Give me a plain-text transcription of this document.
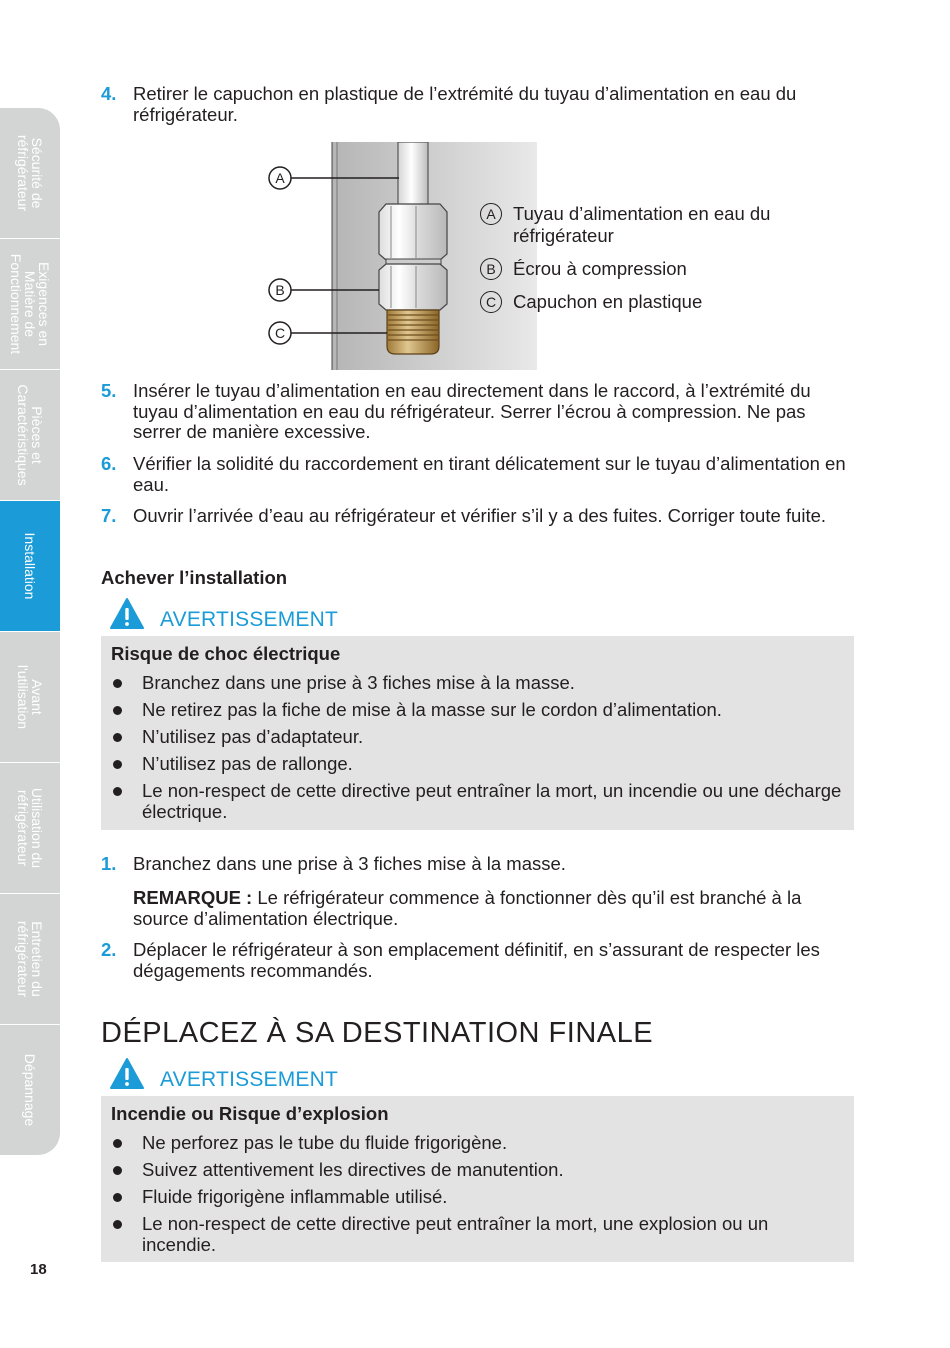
Sécurité de
réfrigérateur
Exigences en
Matière de
Fonctionnement
Pièces et
Caractéristiques
Installation
Avant
l'utilisation
Utilisation du
réfrigérateur
Entretien du
réfrigérateur
Dépannage
18
4. Retirer le capuchon en plastique de l’extrémité du tuyau d’alimentation en eau du réfrigérateur.
A
B
C
A Tuyau d’alimentation en eau du réfrigérateur
B Écrou à compression
C Capuchon en plastique
5. Insérer le tuyau d’alimentation en eau directement dans le raccord, à l’extrémité du tuyau d’alimentation en eau du réfrigérateur. Serrer l’écrou à compression. Ne pas serrer de manière excessive.
6. Vérifier la solidité du raccordement en tirant délicatement sur le tuyau d’alimentation en eau.
7. Ouvrir l’arrivée d’eau au réfrigérateur et vérifier s’il y a des fuites. Corriger toute fuite.
Achever l’installation
AVERTISSEMENT
Risque de choc électrique
Branchez dans une prise à 3 fiches mise à la masse.
Ne retirez pas la fiche de mise à la masse sur le cordon d’alimentation.
N’utilisez pas d’adaptateur.
N’utilisez pas de rallonge.
Le non-respect de cette directive peut entraîner la mort, un incendie ou une décharge électrique.
1. Branchez dans une prise à 3 fiches mise à la masse.
REMARQUE : Le réfrigérateur commence à fonctionner dès qu’il est branché à la source d’alimentation électrique.
2. Déplacer le réfrigérateur à son emplacement définitif, en s’assurant de respecter les dégagements recommandés.
DÉPLACEZ À SA DESTINATION FINALE
AVERTISSEMENT
Incendie ou Risque d’explosion
Ne perforez pas le tube du fluide frigorigène.
Suivez attentivement les directives de manutention.
Fluide frigorigène inflammable utilisé.
Le non-respect de cette directive peut entraîner la mort, une explosion ou un incendie.
